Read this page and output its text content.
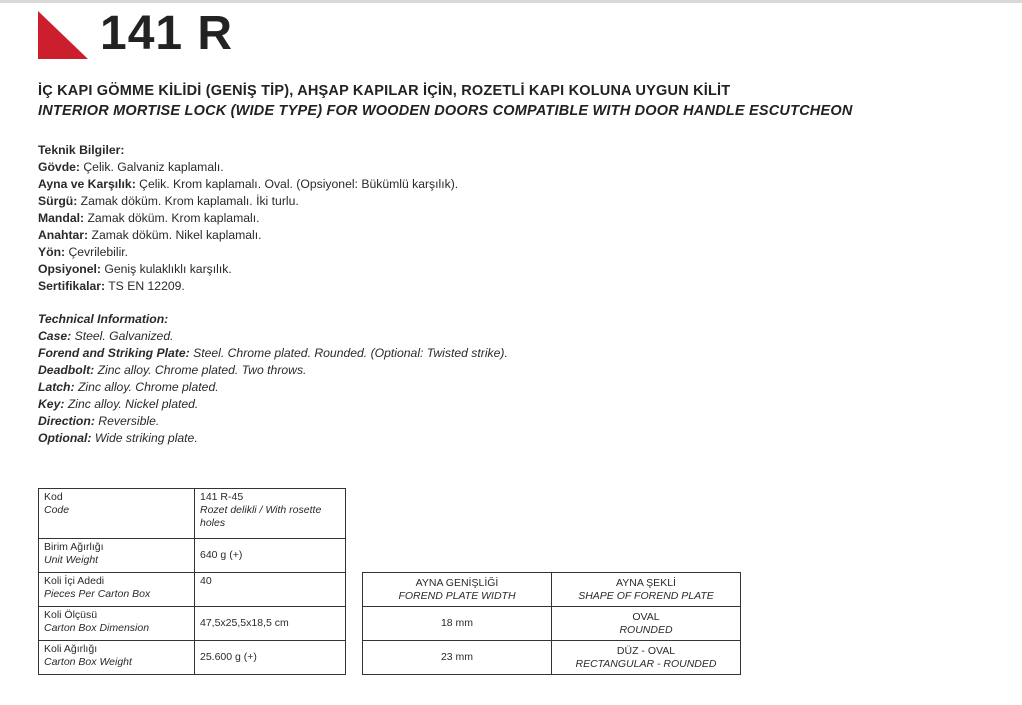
141 R
İÇ KAPI GÖMME KİLİDİ (GENİŞ TİP), AHŞAP KAPILAR İÇİN, ROZETLİ KAPI KOLUNA UYGUN KİLİT
INTERIOR MORTISE LOCK (WIDE TYPE) FOR WOODEN DOORS COMPATIBLE WITH DOOR HANDLE ESCUTCHEON
Teknik Bilgiler:
Gövde: Çelik. Galvaniz kaplamalı.
Ayna ve Karşılık: Çelik. Krom kaplamalı. Oval. (Opsiyonel: Bükümlü karşılık).
Sürgü: Zamak döküm. Krom kaplamalı. İki turlu.
Mandal: Zamak döküm. Krom kaplamalı.
Anahtar: Zamak döküm. Nikel kaplamalı.
Yön: Çevrilebilir.
Opsiyonel: Geniş kulaklıklı karşılık.
Sertifikalar: TS EN 12209.
Technical Information:
Case: Steel. Galvanized.
Forend and Striking Plate: Steel. Chrome plated. Rounded. (Optional: Twisted strike).
Deadbolt: Zinc alloy. Chrome plated. Two throws.
Latch: Zinc alloy. Chrome plated.
Key: Zinc alloy. Nickel plated.
Direction: Reversible.
Optional: Wide striking plate.
Kod
Code	141 R-45
Rozet delikli / With rosette holes

Birim Ağırlığı
Unit Weight	640 g (+)
Koli İçi Adedi
Pieces Per Carton Box	40
Koli Ölçüsü
Carton Box Dimension	47,5x25,5x18,5 cm
Koli Ağırlığı
Carton Box Weight	25.600 g (+)
AYNA GENİŞLİĞİ
FOREND PLATE WIDTH	AYNA ŞEKLİ
SHAPE OF FOREND PLATE

18 mm	OVAL
ROUNDED

23 mm	DÜZ - OVAL
RECTANGULAR - ROUNDED
